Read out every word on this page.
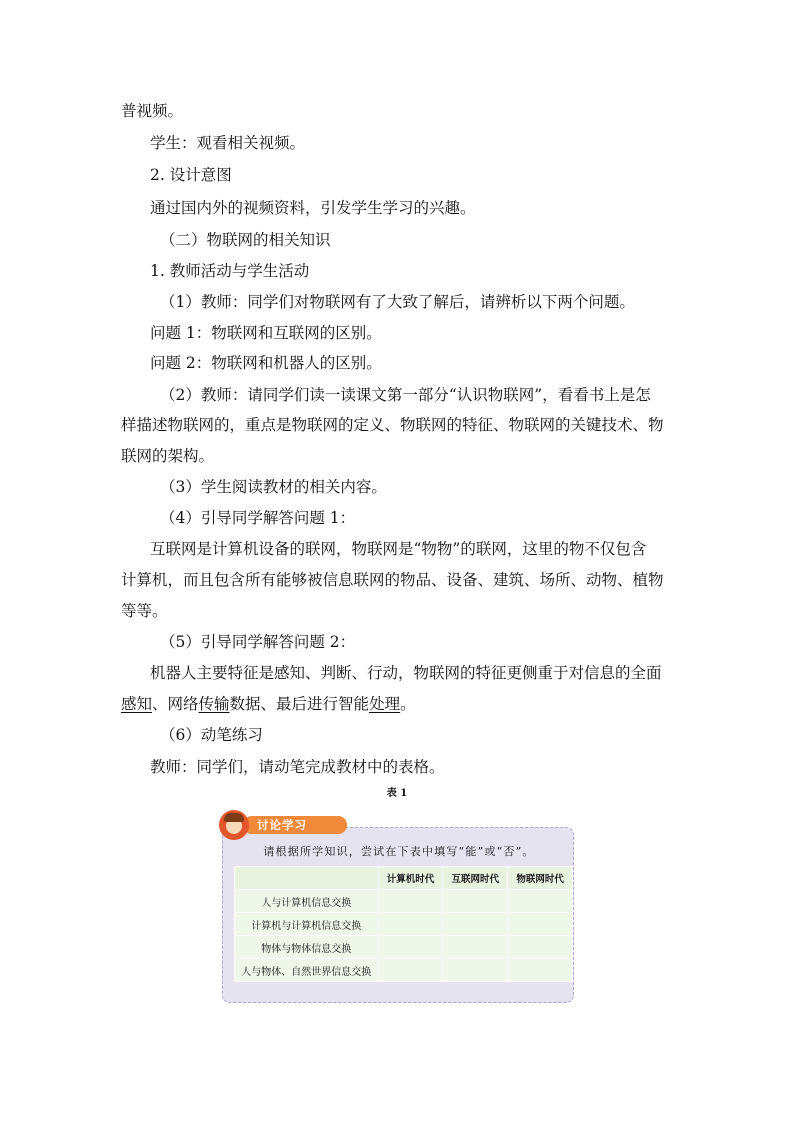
普视频。
学生：观看相关视频。
2. 设计意图
通过国内外的视频资料，引发学生学习的兴趣。
（二）物联网的相关知识
1. 教师活动与学生活动
（1）教师：同学们对物联网有了大致了解后，请辨析以下两个问题。
问题 1：物联网和互联网的区别。
问题 2：物联网和机器人的区别。
（2）教师：请同学们读一读课文第一部分“认识物联网”，看看书上是怎
样描述物联网的，重点是物联网的定义、物联网的特征、物联网的关键技术、物
联网的架构。
（3）学生阅读教材的相关内容。
（4）引导同学解答问题 1：
互联网是计算机设备的联网，物联网是“物物”的联网，这里的物不仅包含
计算机，而且包含所有能够被信息联网的物品、设备、建筑、场所、动物、植物
等等。
（5）引导同学解答问题 2：
机器人主要特征是感知、判断、行动，物联网的特征更侧重于对信息的全面
感知、网络传输数据、最后进行智能处理。
（6）动笔练习
教师：同学们，请动笔完成教材中的表格。
表 1
请根据所学知识，尝试在下表中填写“能”或“否”。
	计算机时代	互联网时代	物联网时代
人与计算机信息交换			
计算机与计算机信息交换			
物体与物体信息交换			
人与物体、自然世界信息交换			
讨论学习
